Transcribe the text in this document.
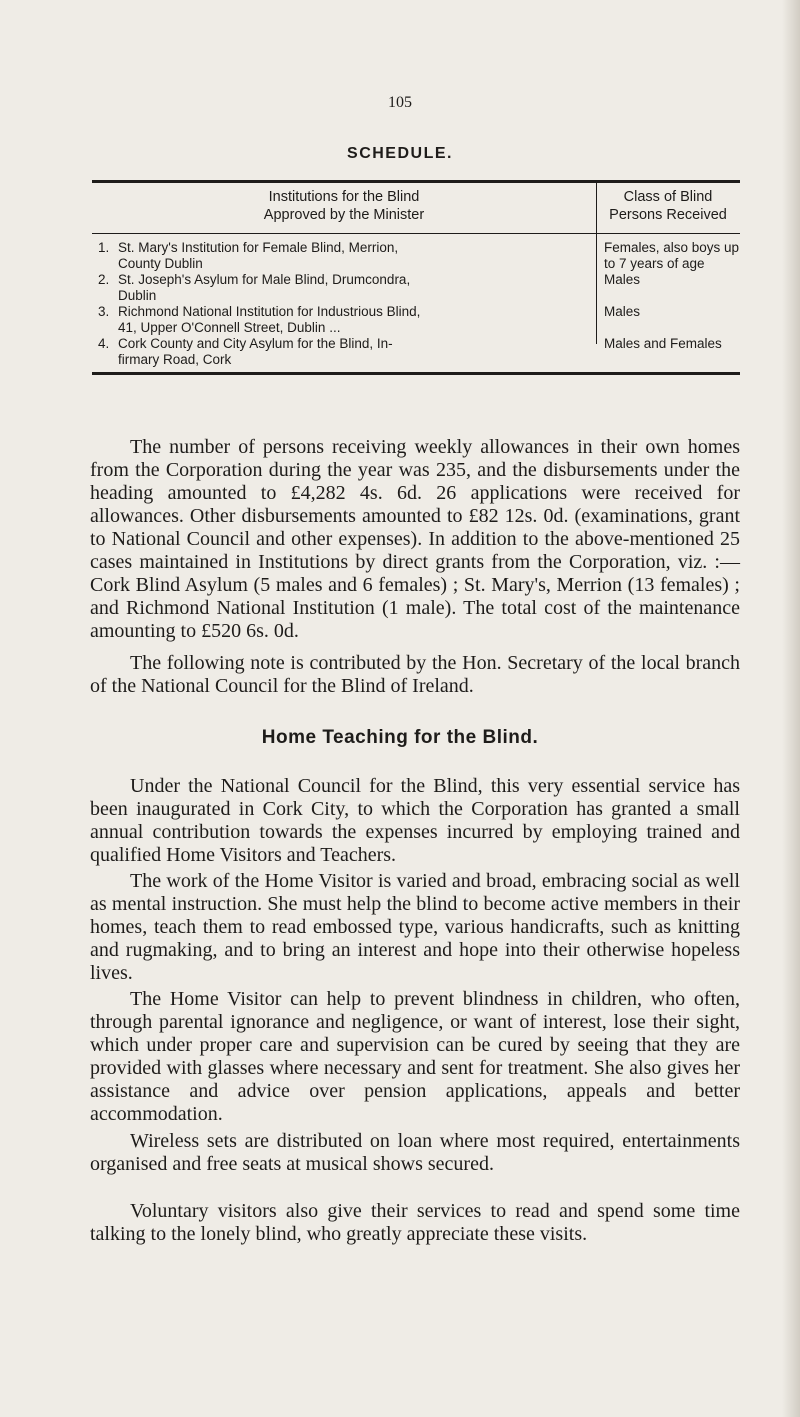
105
SCHEDULE.
Institutions for the Blind
Approved by the Minister
Class of Blind
Persons Received
1. St. Mary's Institution for Female Blind, Merrion,
County Dublin
Females, also boys up
to 7 years of age
2. St. Joseph's Asylum for Male Blind, Drumcondra,
Dublin
Males
3. Richmond National Institution for Industrious Blind,
41, Upper O'Connell Street, Dublin ...
Males
4. Cork County and City Asylum for the Blind, In-
firmary Road, Cork
Males and Females
The number of persons receiving weekly allowances in their own homes from the Corporation during the year was 235, and the disbursements under the heading amounted to £4,282 4s. 6d. 26 applications were received for allowances. Other disbursements amounted to £82 12s. 0d. (examinations, grant to National Council and other expenses). In addition to the above-mentioned 25 cases maintained in Institutions by direct grants from the Corporation, viz. :—Cork Blind Asylum (5 males and 6 females) ; St. Mary's, Merrion (13 females) ; and Richmond National Institution (1 male). The total cost of the maintenance amounting to £520 6s. 0d.
The following note is contributed by the Hon. Secretary of the local branch of the National Council for the Blind of Ireland.
Home Teaching for the Blind.
Under the National Council for the Blind, this very essential service has been inaugurated in Cork City, to which the Corporation has granted a small annual contribution towards the expenses incurred by employing trained and qualified Home Visitors and Teachers.
The work of the Home Visitor is varied and broad, embracing social as well as mental instruction. She must help the blind to become active members in their homes, teach them to read embossed type, various handicrafts, such as knitting and rugmaking, and to bring an interest and hope into their otherwise hopeless lives.
The Home Visitor can help to prevent blindness in children, who often, through parental ignorance and negligence, or want of interest, lose their sight, which under proper care and supervision can be cured by seeing that they are provided with glasses where necessary and sent for treatment. She also gives her assistance and advice over pension applications, appeals and better accommodation.
Wireless sets are distributed on loan where most required, entertainments organised and free seats at musical shows secured.
Voluntary visitors also give their services to read and spend some time talking to the lonely blind, who greatly appreciate these visits.
